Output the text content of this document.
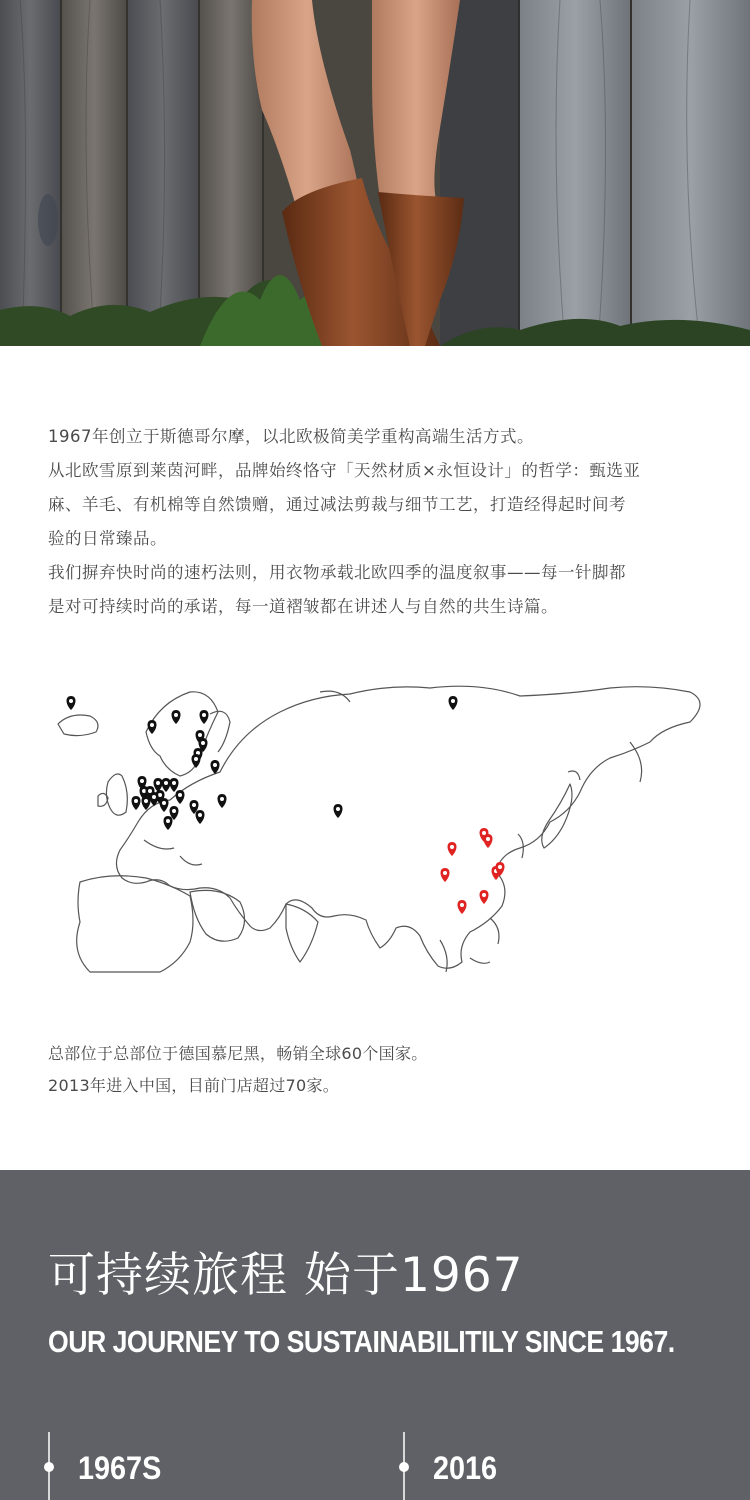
1967年创立于斯德哥尔摩，以北欧极简美学重构高端生活方式。

从北欧雪原到莱茵河畔，品牌始终恪守「天然材质×永恒设计」的哲学：甄选亚

麻、羊毛、有机棉等自然馈赠，通过减法剪裁与细节工艺，打造经得起时间考

验的日常臻品。

我们摒弃快时尚的速朽法则，用衣物承载北欧四季的温度叙事——每一针脚都

是对可持续时尚的承诺，每一道褶皱都在讲述人与自然的共生诗篇。

总部位于总部位于德国慕尼黑，畅销全球60个国家。

2013年进入中国，目前门店超过70家。

可持续旅程 始于1967
OUR JOURNEY TO SUSTAINABILITILY SINCE 1967.
1967S	2016
